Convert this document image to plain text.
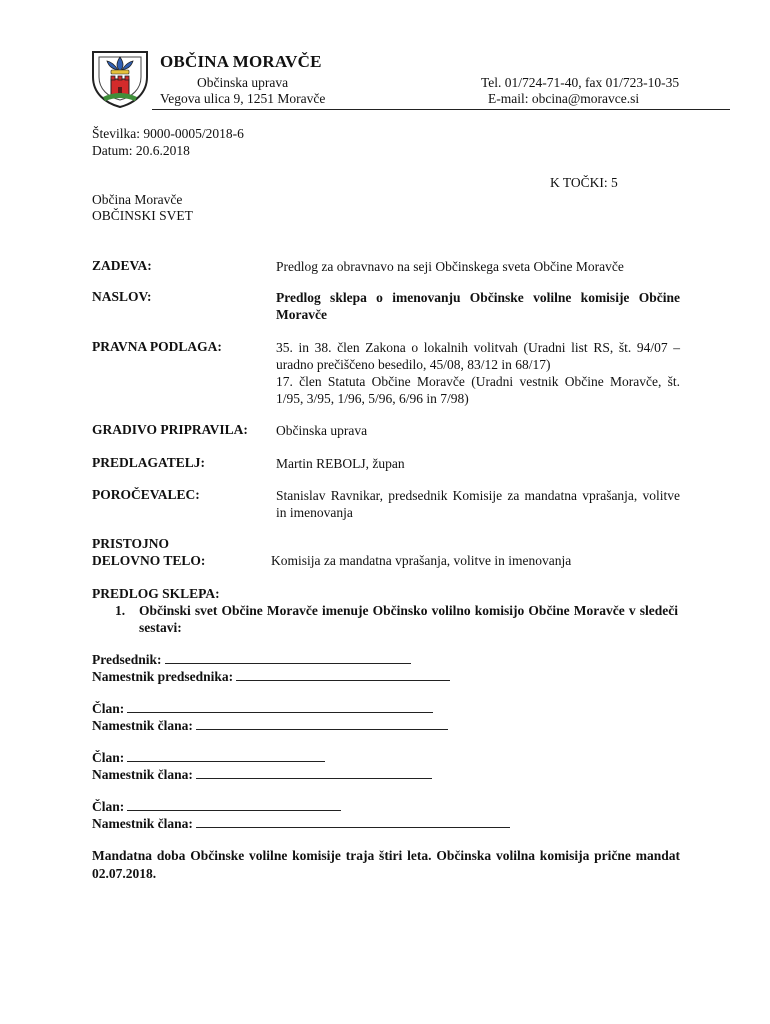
OBČINA MORAVČE
Občinska uprava
Vegova ulica 9, 1251 Moravče
Tel. 01/724-71-40, fax 01/723-10-35
E-mail: obcina@moravce.si
Številka: 9000-0005/2018-6
Datum: 20.6.2018
K TOČKI: 5
Občina Moravče
OBČINSKI SVET
ZADEVA:	Predlog za obravnavo na seji Občinskega sveta Občine Moravče
NASLOV:	Predlog sklepa o imenovanju Občinske volilne komisije Občine Moravče
PRAVNA PODLAGA:	35. in 38. člen Zakona o lokalnih volitvah (Uradni list RS, št. 94/07 – uradno prečiščeno besedilo, 45/08, 83/12 in 68/17)
17. člen Statuta Občine Moravče (Uradni vestnik Občine Moravče, št. 1/95, 3/95, 1/96, 5/96, 6/96 in 7/98)
GRADIVO PRIPRAVILA: Občinska uprava
PREDLAGATELJ:	Martin REBOLJ, župan
POROČEVALEC:	Stanislav Ravnikar, predsednik Komisije za mandatna vprašanja, volitve in imenovanja
PRISTOJNO
DELOVNO TELO:	Komisija za mandatna vprašanja, volitve in imenovanja
PREDLOG SKLEPA:
1. Občinski svet Občine Moravče imenuje Občinsko volilno komisijo Občine Moravče v sledeči sestavi:
Predsednik:
Namestnik predsednika:
Član:
Namestnik člana:
Član:
Namestnik člana:
Član:
Namestnik člana:
Mandatna doba Občinske volilne komisije traja štiri leta. Občinska volilna komisija prične mandat 02.07.2018.
